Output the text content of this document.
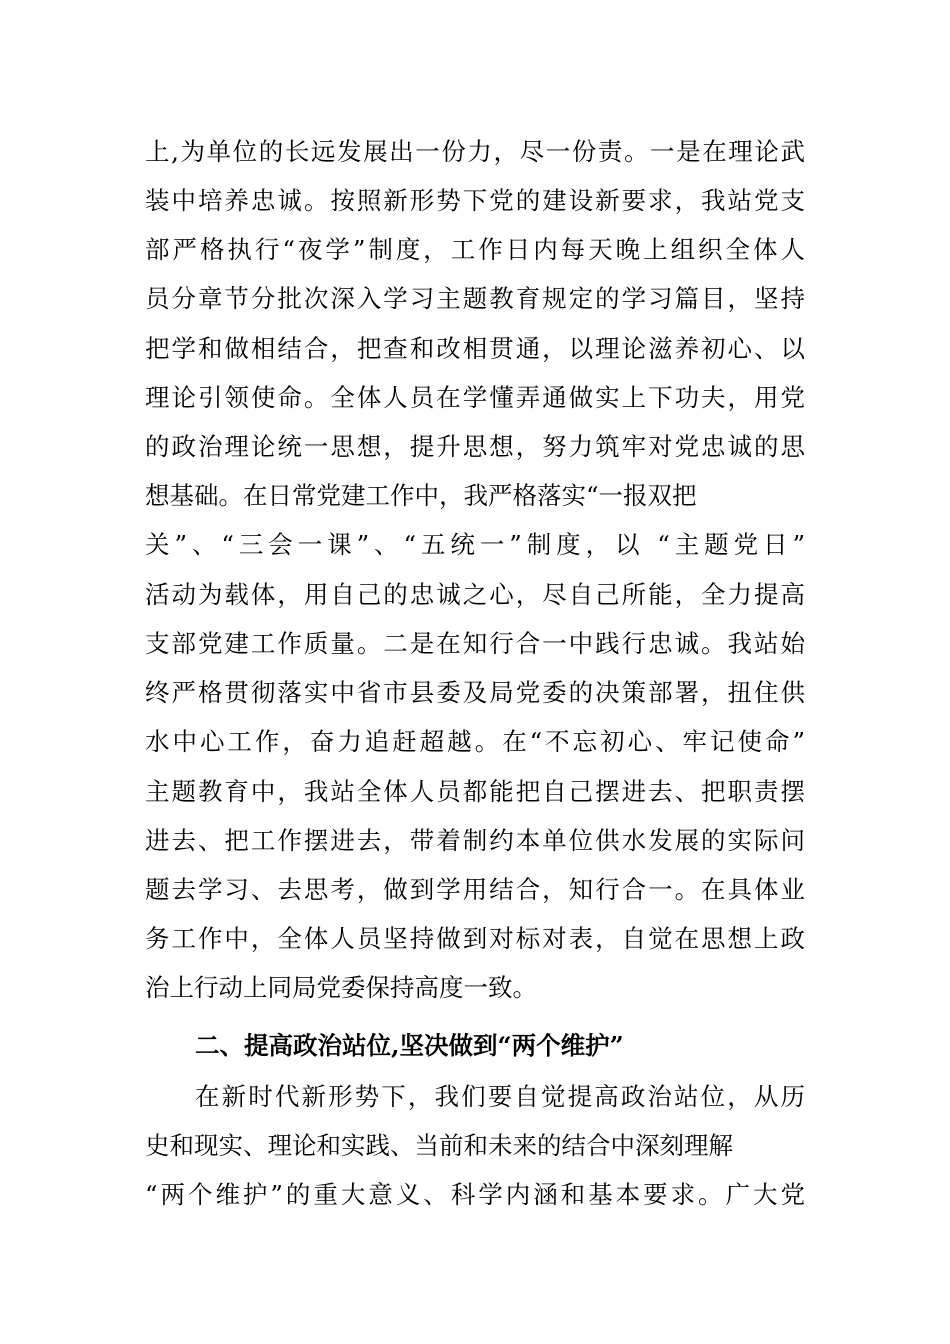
上,为单位的长远发展出一份力，尽一份责。一是在理论武
装中培养忠诚。按照新形势下党的建设新要求，我站党支
部严格执行“夜学”制度，工作日内每天晚上组织全体人
员分章节分批次深入学习主题教育规定的学习篇目，坚持
把学和做相结合，把查和改相贯通，以理论滋养初心、以
理论引领使命。全体人员在学懂弄通做实上下功夫，用党
的政治理论统一思想，提升思想，努力筑牢对党忠诚的思
想基础。在日常党建工作中，我严格落实“一报双把
关”、“三会一课”、“五统一”制度，以 “主题党日”
活动为载体，用自己的忠诚之心，尽自己所能，全力提高
支部党建工作质量。二是在知行合一中践行忠诚。我站始
终严格贯彻落实中省市县委及局党委的决策部署，扭住供
水中心工作，奋力追赶超越。在“不忘初心、牢记使命”
主题教育中，我站全体人员都能把自己摆进去、把职责摆
进去、把工作摆进去，带着制约本单位供水发展的实际问
题去学习、去思考，做到学用结合，知行合一。在具体业
务工作中，全体人员坚持做到对标对表，自觉在思想上政
治上行动上同局党委保持高度一致。
二、提高政治站位,坚决做到“两个维护”
在新时代新形势下，我们要自觉提高政治站位，从历
史和现实、理论和实践、当前和未来的结合中深刻理解
“两个维护”的重大意义、科学内涵和基本要求。广大党
